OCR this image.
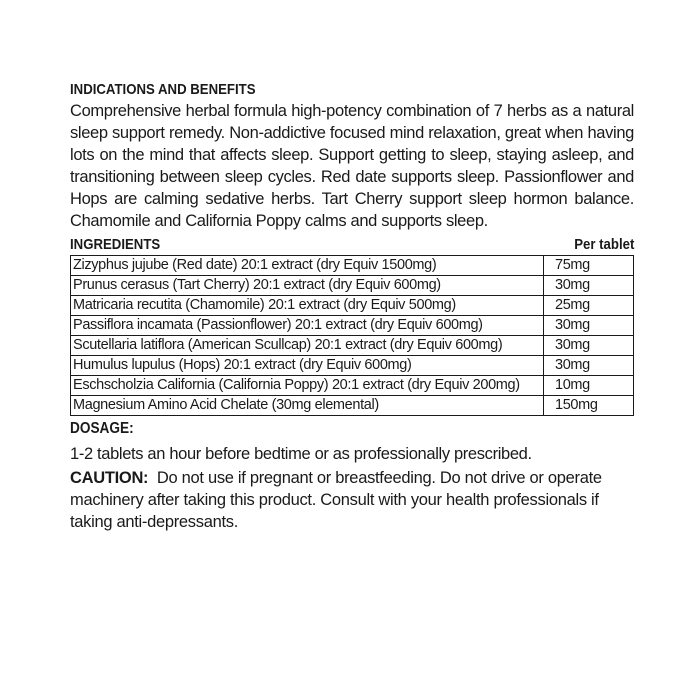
INDICATIONS AND BENEFITS
Comprehensive herbal formula high-potency combination of 7 herbs as a natural sleep support remedy. Non-addictive focused mind relaxation, great when having lots on the mind that affects sleep. Support getting to sleep, staying asleep, and transitioning between sleep cycles. Red date supports sleep. Passionflower and Hops are calming sedative herbs. Tart Cherry support sleep hormon balance. Chamomile and California Poppy calms and supports sleep.
INGREDIENTS	Per tablet
Zizyphus jujube (Red date) 20:1 extract (dry Equiv 1500mg)	75mg
Prunus cerasus (Tart Cherry) 20:1 extract (dry Equiv 600mg)	30mg
Matricaria recutita (Chamomile) 20:1 extract (dry Equiv 500mg)	25mg
Passiflora incamata (Passionflower) 20:1 extract (dry Equiv 600mg)	30mg
Scutellaria latiflora (American Scullcap) 20:1 extract (dry Equiv 600mg)	30mg
Humulus lupulus (Hops) 20:1 extract (dry Equiv 600mg)	30mg
Eschscholzia California (California Poppy) 20:1 extract (dry Equiv 200mg)	10mg
Magnesium Amino Acid Chelate (30mg elemental)	150mg
DOSAGE:
1-2 tablets an hour before bedtime or as professionally prescribed.
CAUTION: Do not use if pregnant or breastfeeding. Do not drive or operate machinery after taking this product. Consult with your health professionals if taking anti-depressants.
